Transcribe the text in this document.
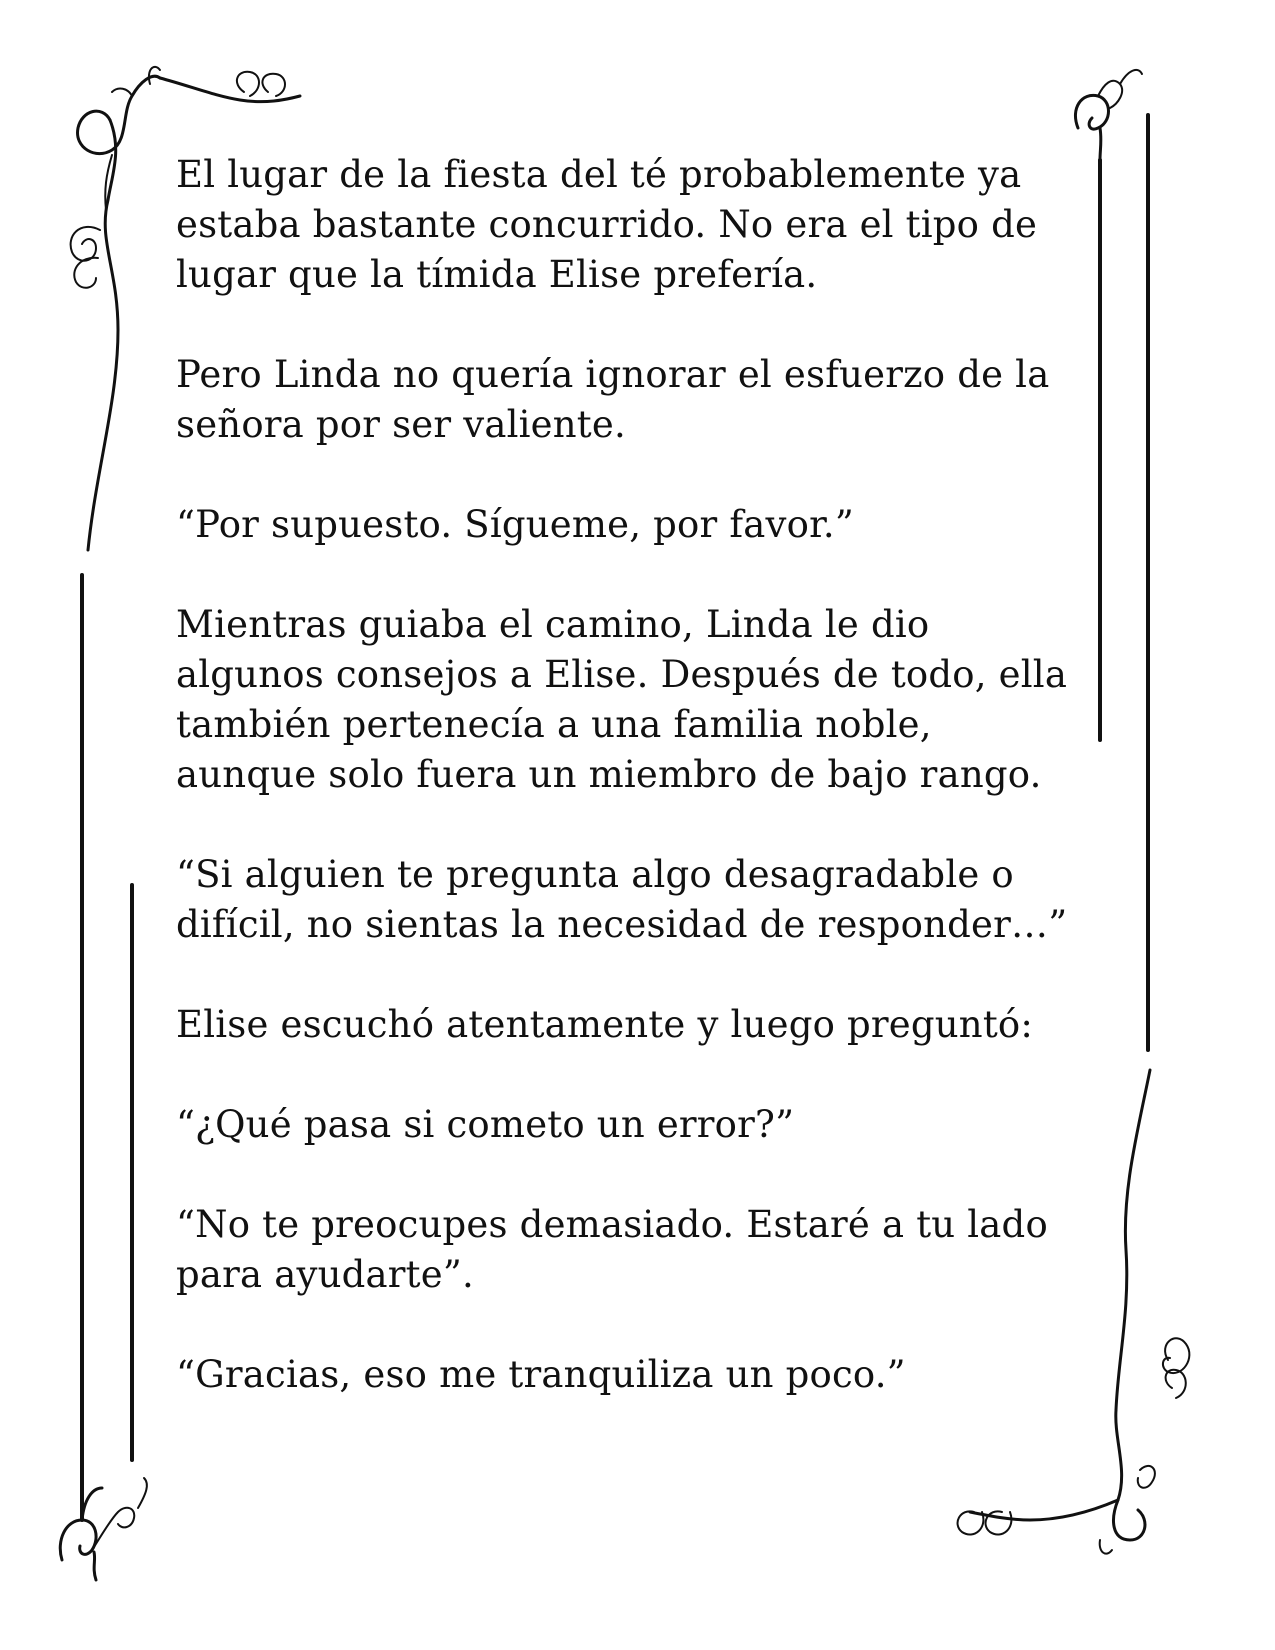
El lugar de la fiesta del té probablemente ya
estaba bastante concurrido. No era el tipo de
lugar que la tímida Elise prefería.

Pero Linda no quería ignorar el esfuerzo de la
señora por ser valiente.

“Por supuesto. Sígueme, por favor.”

Mientras guiaba el camino, Linda le dio
algunos consejos a Elise. Después de todo, ella
también pertenecía a una familia noble,
aunque solo fuera un miembro de bajo rango.

“Si alguien te pregunta algo desagradable o
difícil, no sientas la necesidad de responder…”

Elise escuchó atentamente y luego preguntó:

“¿Qué pasa si cometo un error?”

“No te preocupes demasiado. Estaré a tu lado
para ayudarte”.

“Gracias, eso me tranquiliza un poco.”
